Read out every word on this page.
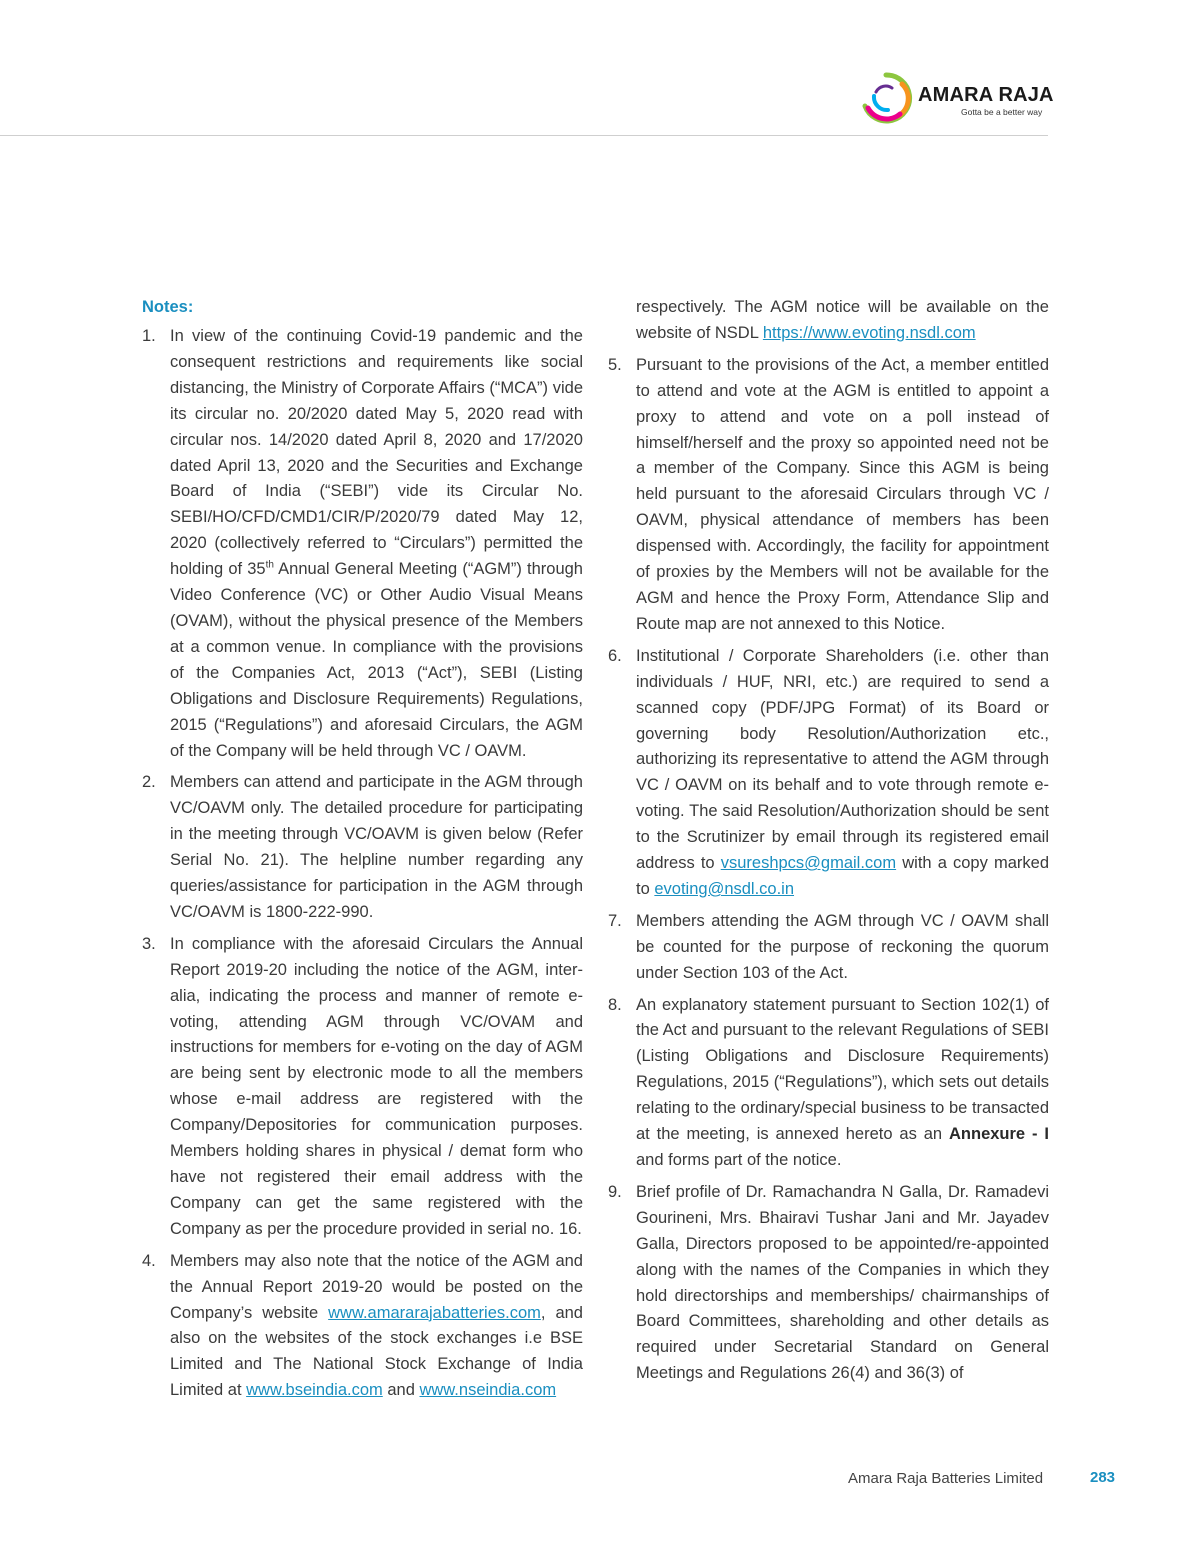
AMARA RAJA
Gotta be a better way
Notes:
1. In view of the continuing Covid-19 pandemic and the consequent restrictions and requirements like social distancing, the Ministry of Corporate Affairs (“MCA”) vide its circular no. 20/2020 dated May 5, 2020 read with circular nos. 14/2020 dated April 8, 2020 and 17/2020 dated April 13, 2020 and the Securities and Exchange Board of India (“SEBI”) vide its Circular No. SEBI/HO/CFD/CMD1/CIR/P/2020/79 dated May 12, 2020 (collectively referred to “Circulars”) permitted the holding of 35th Annual General Meeting (“AGM”) through Video Conference (VC) or Other Audio Visual Means (OVAM), without the physical presence of the Members at a common venue. In compliance with the provisions of the Companies Act, 2013 (“Act”), SEBI (Listing Obligations and Disclosure Requirements) Regulations, 2015 (“Regulations”) and aforesaid Circulars, the AGM of the Company will be held through VC / OAVM.
2. Members can attend and participate in the AGM through VC/OAVM only. The detailed procedure for participating in the meeting through VC/OAVM is given below (Refer Serial No. 21). The helpline number regarding any queries/assistance for participation in the AGM through VC/OAVM is 1800-222-990.
3. In compliance with the aforesaid Circulars the Annual Report 2019-20 including the notice of the AGM, inter-alia, indicating the process and manner of remote e-voting, attending AGM through VC/OVAM and instructions for members for e-voting on the day of AGM are being sent by electronic mode to all the members whose e-mail address are registered with the Company/Depositories for communication purposes. Members holding shares in physical / demat form who have not registered their email address with the Company can get the same registered with the Company as per the procedure provided in serial no. 16.
4. Members may also note that the notice of the AGM and the Annual Report 2019-20 would be posted on the Company’s website www.amararajabatteries.com, and also on the websites of the stock exchanges i.e BSE Limited and The National Stock Exchange of India Limited at www.bseindia.com and www.nseindia.com
respectively. The AGM notice will be available on the website of NSDL https://www.evoting.nsdl.com
5. Pursuant to the provisions of the Act, a member entitled to attend and vote at the AGM is entitled to appoint a proxy to attend and vote on a poll instead of himself/herself and the proxy so appointed need not be a member of the Company. Since this AGM is being held pursuant to the aforesaid Circulars through VC / OAVM, physical attendance of members has been dispensed with. Accordingly, the facility for appointment of proxies by the Members will not be available for the AGM and hence the Proxy Form, Attendance Slip and Route map are not annexed to this Notice.
6. Institutional / Corporate Shareholders (i.e. other than individuals / HUF, NRI, etc.) are required to send a scanned copy (PDF/JPG Format) of its Board or governing body Resolution/Authorization etc., authorizing its representative to attend the AGM through VC / OAVM on its behalf and to vote through remote e-voting. The said Resolution/Authorization should be sent to the Scrutinizer by email through its registered email address to vsureshpcs@gmail.com with a copy marked to evoting@nsdl.co.in
7. Members attending the AGM through VC / OAVM shall be counted for the purpose of reckoning the quorum under Section 103 of the Act.
8. An explanatory statement pursuant to Section 102(1) of the Act and pursuant to the relevant Regulations of SEBI (Listing Obligations and Disclosure Requirements) Regulations, 2015 (“Regulations”), which sets out details relating to the ordinary/special business to be transacted at the meeting, is annexed hereto as an Annexure - I and forms part of the notice.
9. Brief profile of Dr. Ramachandra N Galla, Dr. Ramadevi Gourineni, Mrs. Bhairavi Tushar Jani and Mr. Jayadev Galla, Directors proposed to be appointed/re-appointed along with the names of the Companies in which they hold directorships and memberships/ chairmanships of Board Committees, shareholding and other details as required under Secretarial Standard on General Meetings and Regulations 26(4) and 36(3) of
Amara Raja Batteries Limited	283
